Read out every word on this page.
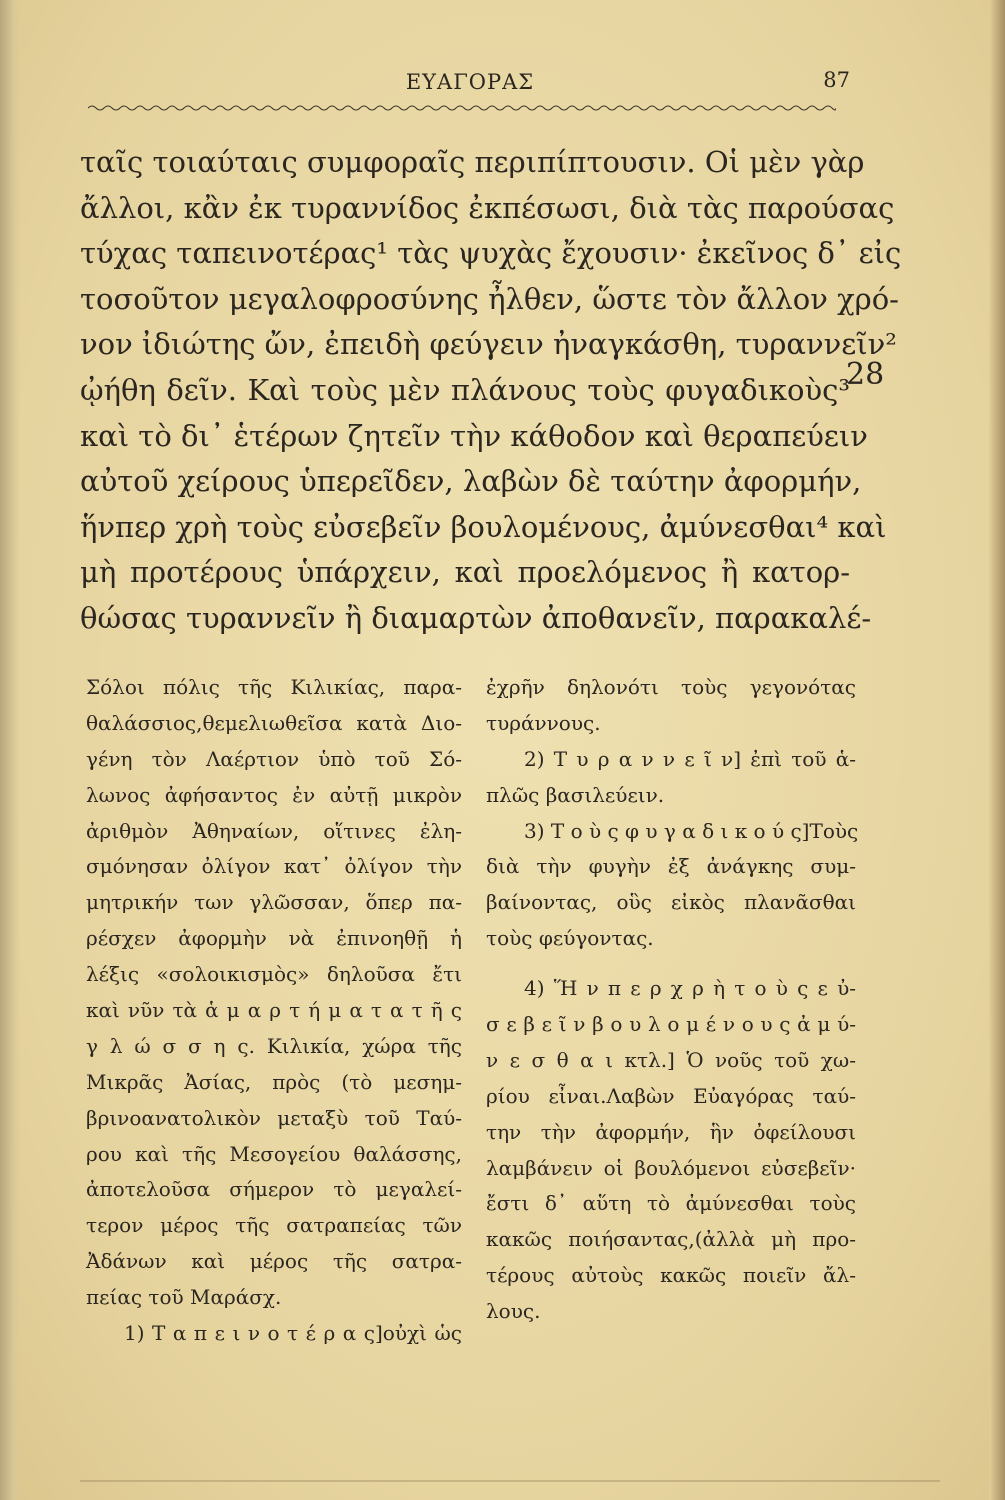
ΕΥΑΓΟΡΑΣ	87
ταῖς τοιαύταις συμφοραῖς περιπίπτουσιν. Οἱ μὲν γὰρ
ἄλλοι, κἂν ἐκ τυραννίδος ἐκπέσωσι, διὰ τὰς παρούσας
τύχας ταπεινοτέρας¹ τὰς ψυχὰς ἔχουσιν· ἐκεῖνος δ᾽ εἰς
τοσοῦτον μεγαλοφροσύνης ἦλθεν, ὥστε τὸν ἄλλον χρό-
νον ἰδιώτης ὤν, ἐπειδὴ φεύγειν ἠναγκάσθη, τυραννεῖν²
ᾠήθη δεῖν. Καὶ τοὺς μὲν πλάνους τοὺς φυγαδικοὺς³
καὶ τὸ δι᾽ ἑτέρων ζητεῖν τὴν κάθοδον καὶ θεραπεύειν
αὐτοῦ χείρους ὑπερεῖδεν, λαβὼν δὲ ταύτην ἀφορμήν,
ἥνπερ χρὴ τοὺς εὐσεβεῖν βουλομένους, ἀμύνεσθαι⁴ καὶ
μὴ προτέρους ὑπάρχειν, καὶ προελόμενος ἢ κατορ-
θώσας τυραννεῖν ἢ διαμαρτὼν ἀποθανεῖν, παρακαλέ-
28
Σόλοι πόλις τῆς Κιλικίας, παρα-
θαλάσσιος,θεμελιωθεῖσα κατὰ Διο-
γένη τὸν Λαέρτιον ὑπὸ τοῦ Σό-
λωνος ἀφήσαντος ἐν αὐτῇ μικρὸν
ἀριθμὸν Ἀθηναίων, οἵτινες ἐλη-
σμόνησαν ὀλίγον κατ᾽ ὀλίγον τὴν
μητρικήν των γλῶσσαν, ὅπερ πα-
ρέσχεν ἀφορμὴν νὰ ἐπινοηθῇ ἡ
λέξις «σολοικισμὸς» δηλοῦσα ἔτι
καὶ νῦν τὰ ἁ μ α ρ τ ή μ α τ α τ ῆ ς
γ λ ώ σ σ η ς. Κιλικία, χώρα τῆς
Μικρᾶς Ἀσίας, πρὸς (τὸ μεσημ-
βρινοανατολικὸν μεταξὺ τοῦ Ταύ-
ρου καὶ τῆς Μεσογείου θαλάσσης,
ἀποτελοῦσα σήμερον τὸ μεγαλεί-
τερον μέρος τῆς σατραπείας τῶν
Ἀδάνων καὶ μέρος τῆς σατρα-
πείας τοῦ Μαράσχ.
1) Τ α π ε ι ν ο τ έ ρ α ς]οὐχὶ ὡς
ἐχρῆν δηλονότι τοὺς γεγονότας
τυράννους.
2) Τ υ ρ α ν ν ε ῖ ν] ἐπὶ τοῦ ἁ-
πλῶς βασιλεύειν.
3) Τ ο ὺ ς φ υ γ α δ ι κ ο ύ ς]Τοὺς
διὰ τὴν φυγὴν ἐξ ἀνάγκης συμ-
βαίνοντας, οὓς εἰκὸς πλανᾶσθαι
τοὺς φεύγοντας.
4) Ἥ ν π ε ρ χ ρ ὴ τ ο ὺ ς ε ὐ-
σ ε β ε ῖ ν β ο υ λ ο μ έ ν ο υ ς ἀ μ ύ-
ν ε σ θ α ι κτλ.] Ὁ νοῦς τοῦ χω-
ρίου εἶναι.Λαβὼν Εὐαγόρας ταύ-
την τὴν ἀφορμήν, ἣν ὀφείλουσι
λαμβάνειν οἱ βουλόμενοι εὐσεβεῖν·
ἔστι δ᾽ αὕτη τὸ ἀμύνεσθαι τοὺς
κακῶς ποιήσαντας,(ἀλλὰ μὴ προ-
τέρους αὐτοὺς κακῶς ποιεῖν ἄλ-
λους.
